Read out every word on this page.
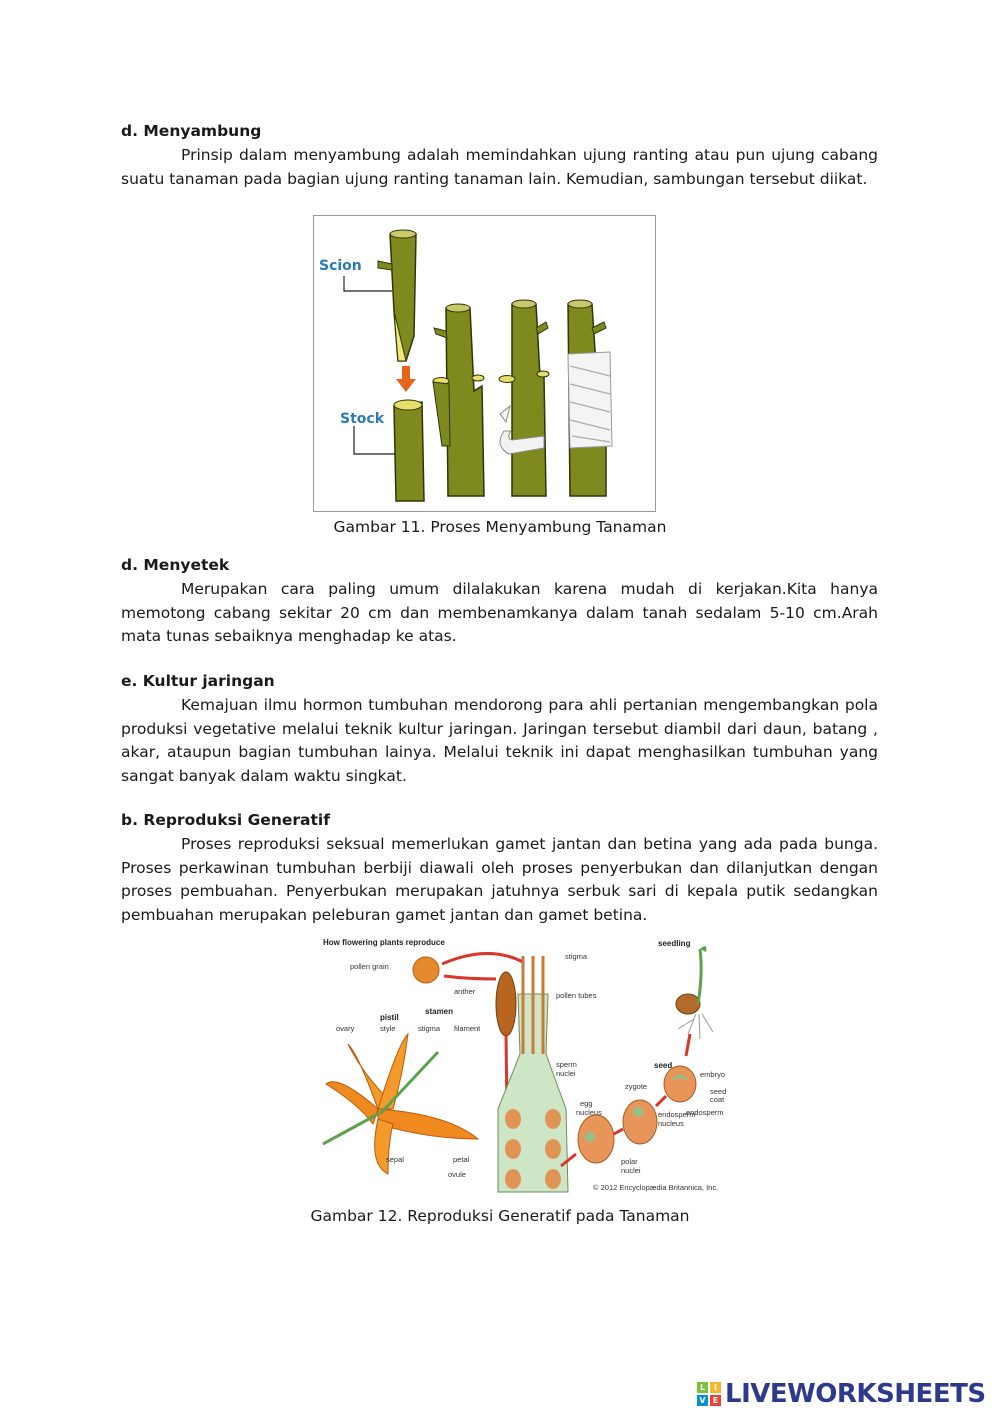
d. Menyambung

Prinsip dalam menyambung adalah memindahkan ujung ranting atau pun ujung cabang suatu tanaman pada bagian ujung ranting tanaman lain. Kemudian, sambungan tersebut diikat.

Scion
Stock

Gambar 11. Proses Menyambung Tanaman

d. Menyetek

Merupakan cara paling umum dilalakukan karena mudah di kerjakan.Kita hanya memotong cabang sekitar 20 cm dan membenamkanya dalam tanah sedalam 5-10 cm.Arah mata tunas sebaiknya menghadap ke atas.

e. Kultur jaringan

Kemajuan ilmu hormon tumbuhan mendorong para ahli pertanian mengembangkan pola produksi vegetative melalui teknik kultur jaringan. Jaringan tersebut diambil dari daun, batang , akar, ataupun bagian tumbuhan lainya. Melalui teknik ini dapat menghasilkan tumbuhan yang sangat banyak dalam waktu singkat.

b. Reproduksi Generatif

Proses reproduksi seksual memerlukan gamet jantan dan betina yang ada pada bunga. Proses perkawinan tumbuhan berbiji diawali oleh proses penyerbukan dan dilanjutkan dengan proses pembuahan. Penyerbukan merupakan jatuhnya serbuk sari di kepala putik sedangkan pembuahan merupakan peleburan gamet jantan dan gamet betina.

How flowering plants reproduce
pollen grain
anther
stamen
filament
stigma
pollen tubes
sperm
nuclei
ovule
pistil
ovary	style	stigma
sepal	petal
egg
nucleus
polar
nuclei
zygote
endosperm
nucleus
seed
embryo
seed
coat
endosperm
seedling
© 2012 Encyclopædia Britannica, Inc.

Gambar 12. Reproduksi Generatif pada Tanaman

L	I
V E LIVEWORKSHEETS
